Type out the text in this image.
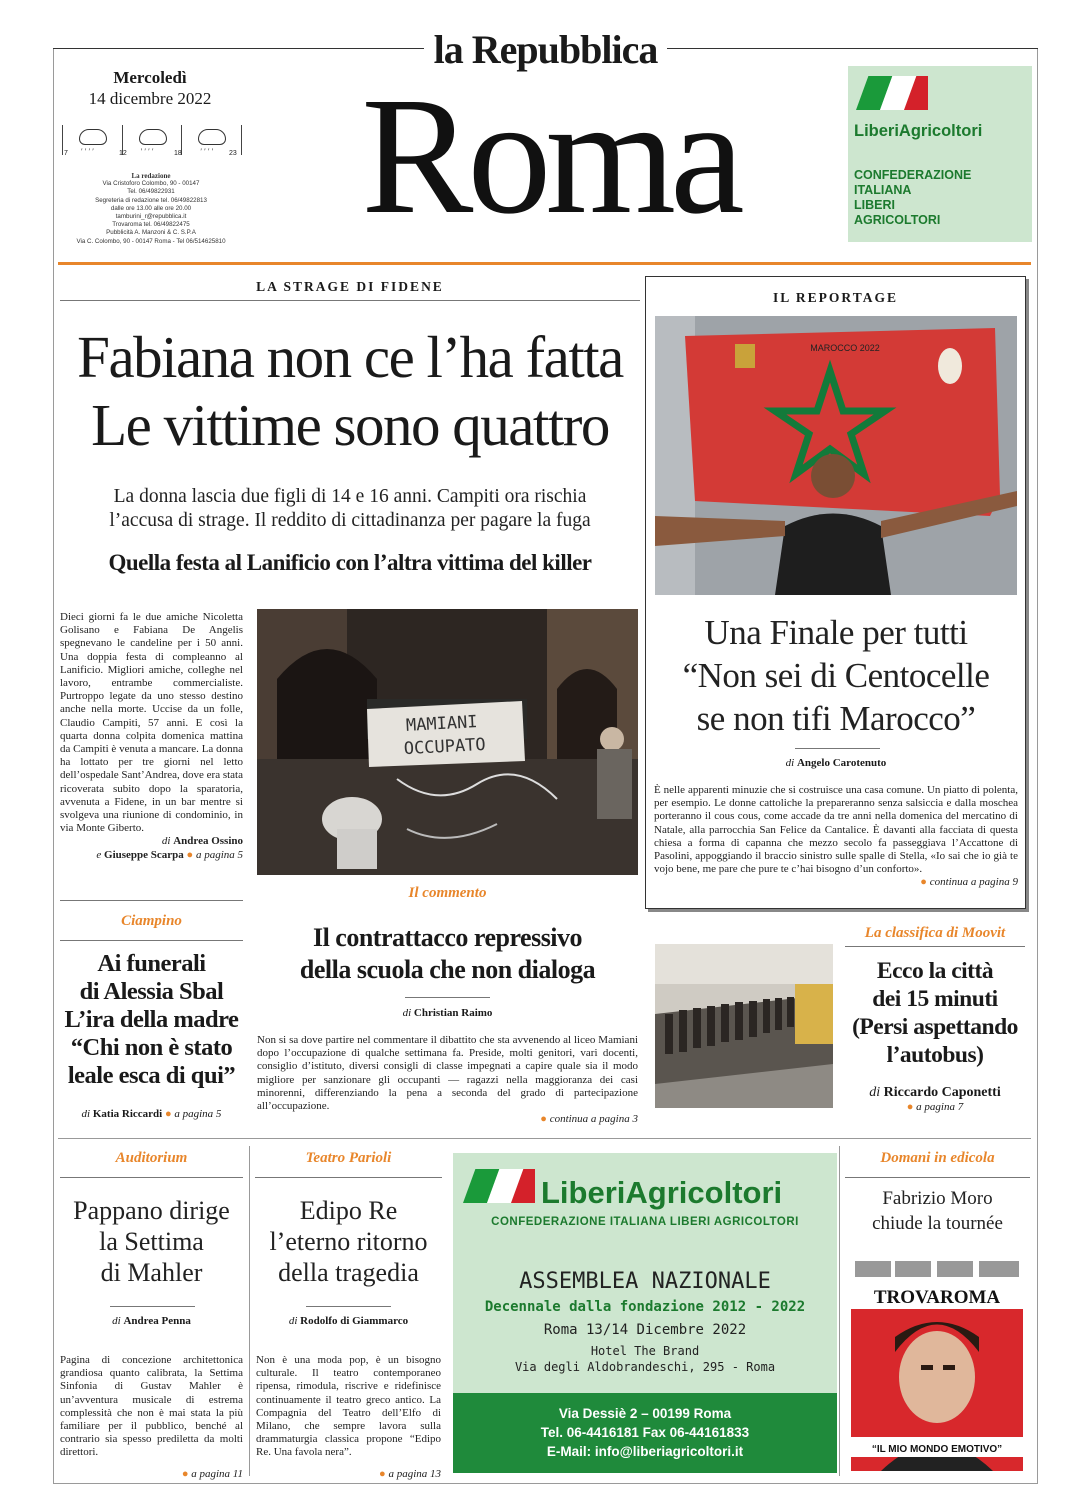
la Repubblica
Mercoledì
14 dicembre 2022
ʹʹʹʹ	ʹʹʹʹ	ʹʹʹʹ
7	12	18	23
La redazione
Via Cristoforo Colombo, 90 - 00147
Tel. 06/49822931
Segreteria di redazione tel. 06/49822813
dalle ore 13.00 alle ore 20.00
tamburini_r@repubblica.it
Trovaroma tel. 06/49822475
Pubblicità A. Manzoni & C. S.P.A
Via C. Colombo, 90 - 00147 Roma - Tel 06/514625810 Roma	LiberiAgricoltori
CONFEDERAZIONE
ITALIANA
LIBERI
AGRICOLTORI
LA STRAGE DI FIDENE
Fabiana non ce l’ha fatta
Le vittime sono quattro
La donna lascia due figli di 14 e 16 anni. Campiti ora rischia
l’accusa di strage. Il reddito di cittadinanza per pagare la fuga
Quella festa al Lanificio con l’altra vittima del killer
Dieci giorni fa le due amiche Nicoletta Golisano e Fabiana De Angelis spegnevano le candeline per i 50 anni. Una doppia festa di compleanno al Lanificio. Migliori amiche, colleghe nel lavoro, entrambe commercialiste. Purtroppo legate da uno stesso destino anche nella morte. Uccise da un folle, Claudio Campiti, 57 anni. E così la quarta donna colpita domenica mattina da Campiti è venuta a mancare. La donna ha lottato per tre giorni nel letto dell’ospedale Sant’Andrea, dove era stata ricoverata subito dopo la sparatoria, avvenuta a Fidene, in un bar mentre si svolgeva una riunione di condominio, in via Monte Giberto.
di Andrea Ossino
e Giuseppe Scarpa ● a pagina 5
MAMIANI
OCCUPATO
IL REPORTAGE
MAROCCO 2022
Una Finale per tutti
“Non sei di Centocelle
se non tifi Marocco”
di Angelo Carotenuto
È nelle apparenti minuzie che si costruisce una casa comune. Un piatto di polenta, per esempio. Le donne cattoliche la prepareranno senza salsiccia e dalla moschea porteranno il cous cous, come accade da tre anni nella domenica del mercatino di Natale, alla parrocchia San Felice da Cantalice. È davanti alla facciata di questa chiesa a forma di capanna che mezzo secolo fa passeggiava l’Accattone di Pasolini, appoggiando il braccio sinistro sulle spalle di Stella, «Io sai che io già te vojo bene, me pare che pure te c’hai bisogno d’un conforto».
● continua a pagina 9
Ciampino
Ai funerali
di Alessia Sbal
L’ira della madre
“Chi non è stato
leale esca di qui”
di Katia Riccardi ● a pagina 5
Il commento
Il contrattacco repressivo
della scuola che non dialoga
di Christian Raimo
Non si sa dove partire nel commentare il dibattito che sta avvenendo al liceo Mamiani dopo l’occupazione di qualche settimana fa. Preside, molti genitori, vari docenti, consiglio d’istituto, diversi consigli di classe impegnati a capire quale sia il modo migliore per sanzionare gli occupanti — ragazzi nella maggioranza dei casi minorenni, differenziando la pena a seconda del grado di partecipazione all’occupazione.
● continua a pagina 3
La classifica di Moovit
Ecco la città
dei 15 minuti
(Persi aspettando
l’autobus)
di Riccardo Caponetti
● a pagina 7
Auditorium
Pappano dirige
la Settima
di Mahler
di Andrea Penna
Pagina di concezione architettonica grandiosa quanto calibrata, la Settima Sinfonia di Gustav Mahler è un’avventura musicale di estrema complessità che non è mai stata la più familiare per il pubblico, benché al contrario sia spesso prediletta da molti direttori.
● a pagina 11
Teatro Parioli
Edipo Re
l’eterno ritorno
della tragedia
di Rodolfo di Giammarco
Non è una moda pop, è un bisogno culturale. Il teatro contemporaneo ripensa, rimodula, riscrive e ridefinisce continuamente il teatro greco antico. La Compagnia del Teatro dell’Elfo di Milano, che sempre lavora sulla drammaturgia classica propone “Edipo Re. Una favola nera”.
● a pagina 13
LiberiAgricoltori
CONFEDERAZIONE ITALIANA LIBERI AGRICOLTORI
ASSEMBLEA NAZIONALE
Decennale dalla fondazione 2012 - 2022
Roma 13/14 Dicembre 2022
Hotel The Brand
Via degli Aldobrandeschi, 295 - Roma
Via Dessiè 2 – 00199 Roma
Tel. 06-4416181 Fax 06-44161833
E-Mail: info@liberiagricoltori.it
Domani in edicola
Fabrizio Moro
chiude la tournée
TROVAROMA
“IL MIO MONDO EMOTIVO”
